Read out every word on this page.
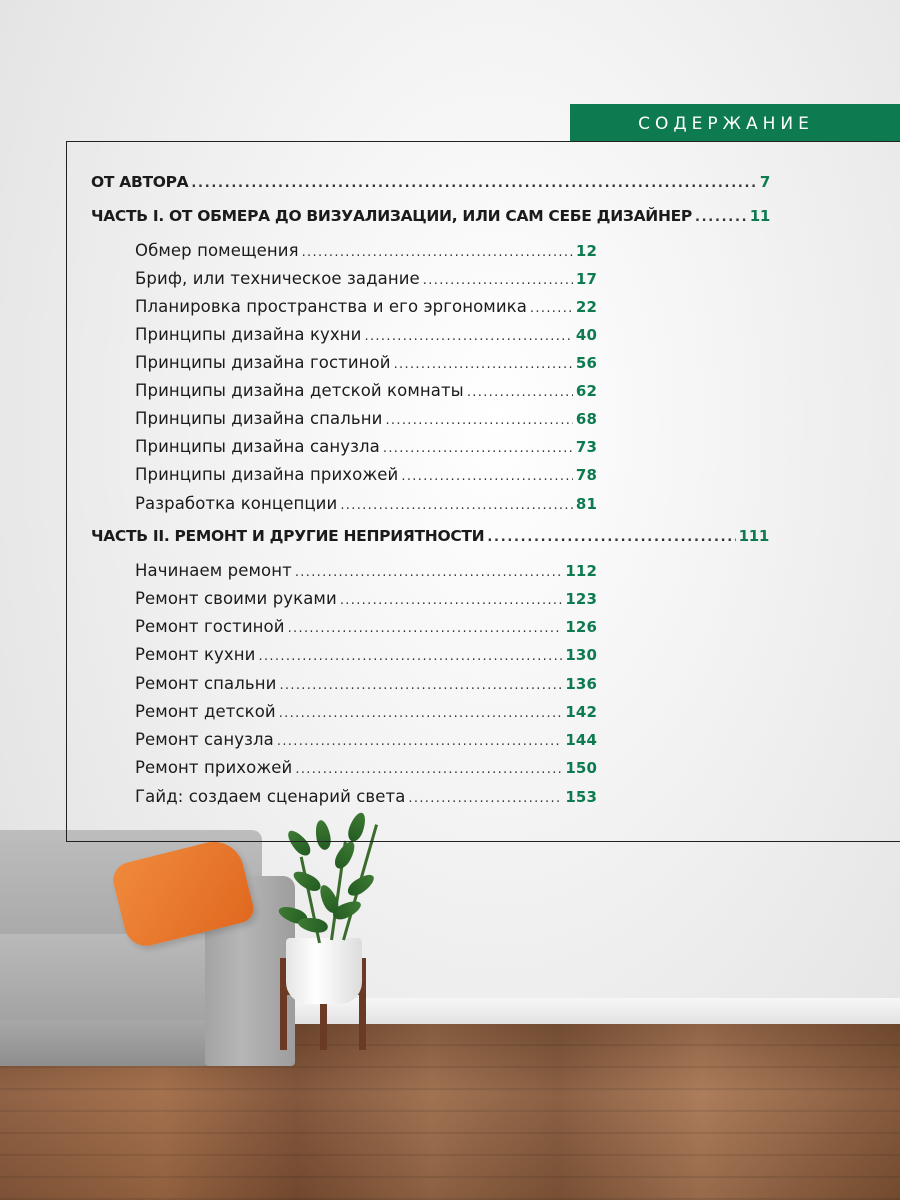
СОДЕРЖАНИЕ
ОТ АВТОРА . . .	7
ЧАСТЬ I. ОТ ОБМЕРА ДО ВИЗУАЛИЗАЦИИ, ИЛИ САМ СЕБЕ ДИЗАЙНЕР . . .	11
Обмер помещения . . .	12
Бриф, или техническое задание . . .	17
Планировка пространства и его эргономика . . .	22
Принципы дизайна кухни . . .	40
Принципы дизайна гостиной . . .	56
Принципы дизайна детской комнаты . . .	62
Принципы дизайна спальни . . .	68
Принципы дизайна санузла . . .	73
Принципы дизайна прихожей . . .	78
Разработка концепции . . .	81
ЧАСТЬ II. РЕМОНТ И ДРУГИЕ НЕПРИЯТНОСТИ . . .	111
Начинаем ремонт . . .	112
Ремонт своими руками . . .	123
Ремонт гостиной . . .	126
Ремонт кухни . . .	130
Ремонт спальни . . .	136
Ремонт детской . . .	142
Ремонт санузла . . .	144
Ремонт прихожей . . .	150
Гайд: создаем сценарий света . . .	153
